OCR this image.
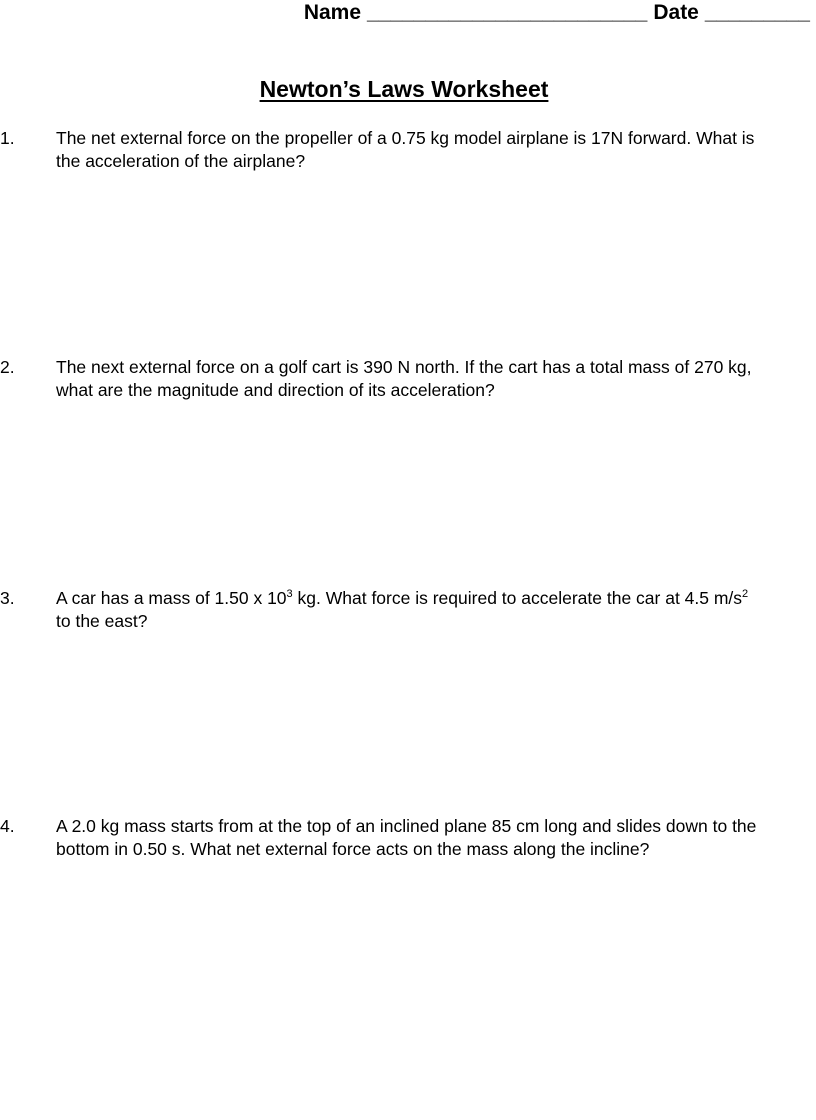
Name ________________________ Date _________
Newton’s Laws Worksheet
1. The net external force on the propeller of a 0.75 kg model airplane is 17N forward. What is
the acceleration of the airplane?
2. The next external force on a golf cart is 390 N north. If the cart has a total mass of 270 kg,
what are the magnitude and direction of its acceleration?
3. A car has a mass of 1.50 x $10^3$ kg. What force is required to accelerate the car at 4.5 $m/s^2$
to the east?
4. A 2.0 kg mass starts from at the top of an inclined plane 85 cm long and slides down to the
bottom in 0.50 s. What net external force acts on the mass along the incline?
